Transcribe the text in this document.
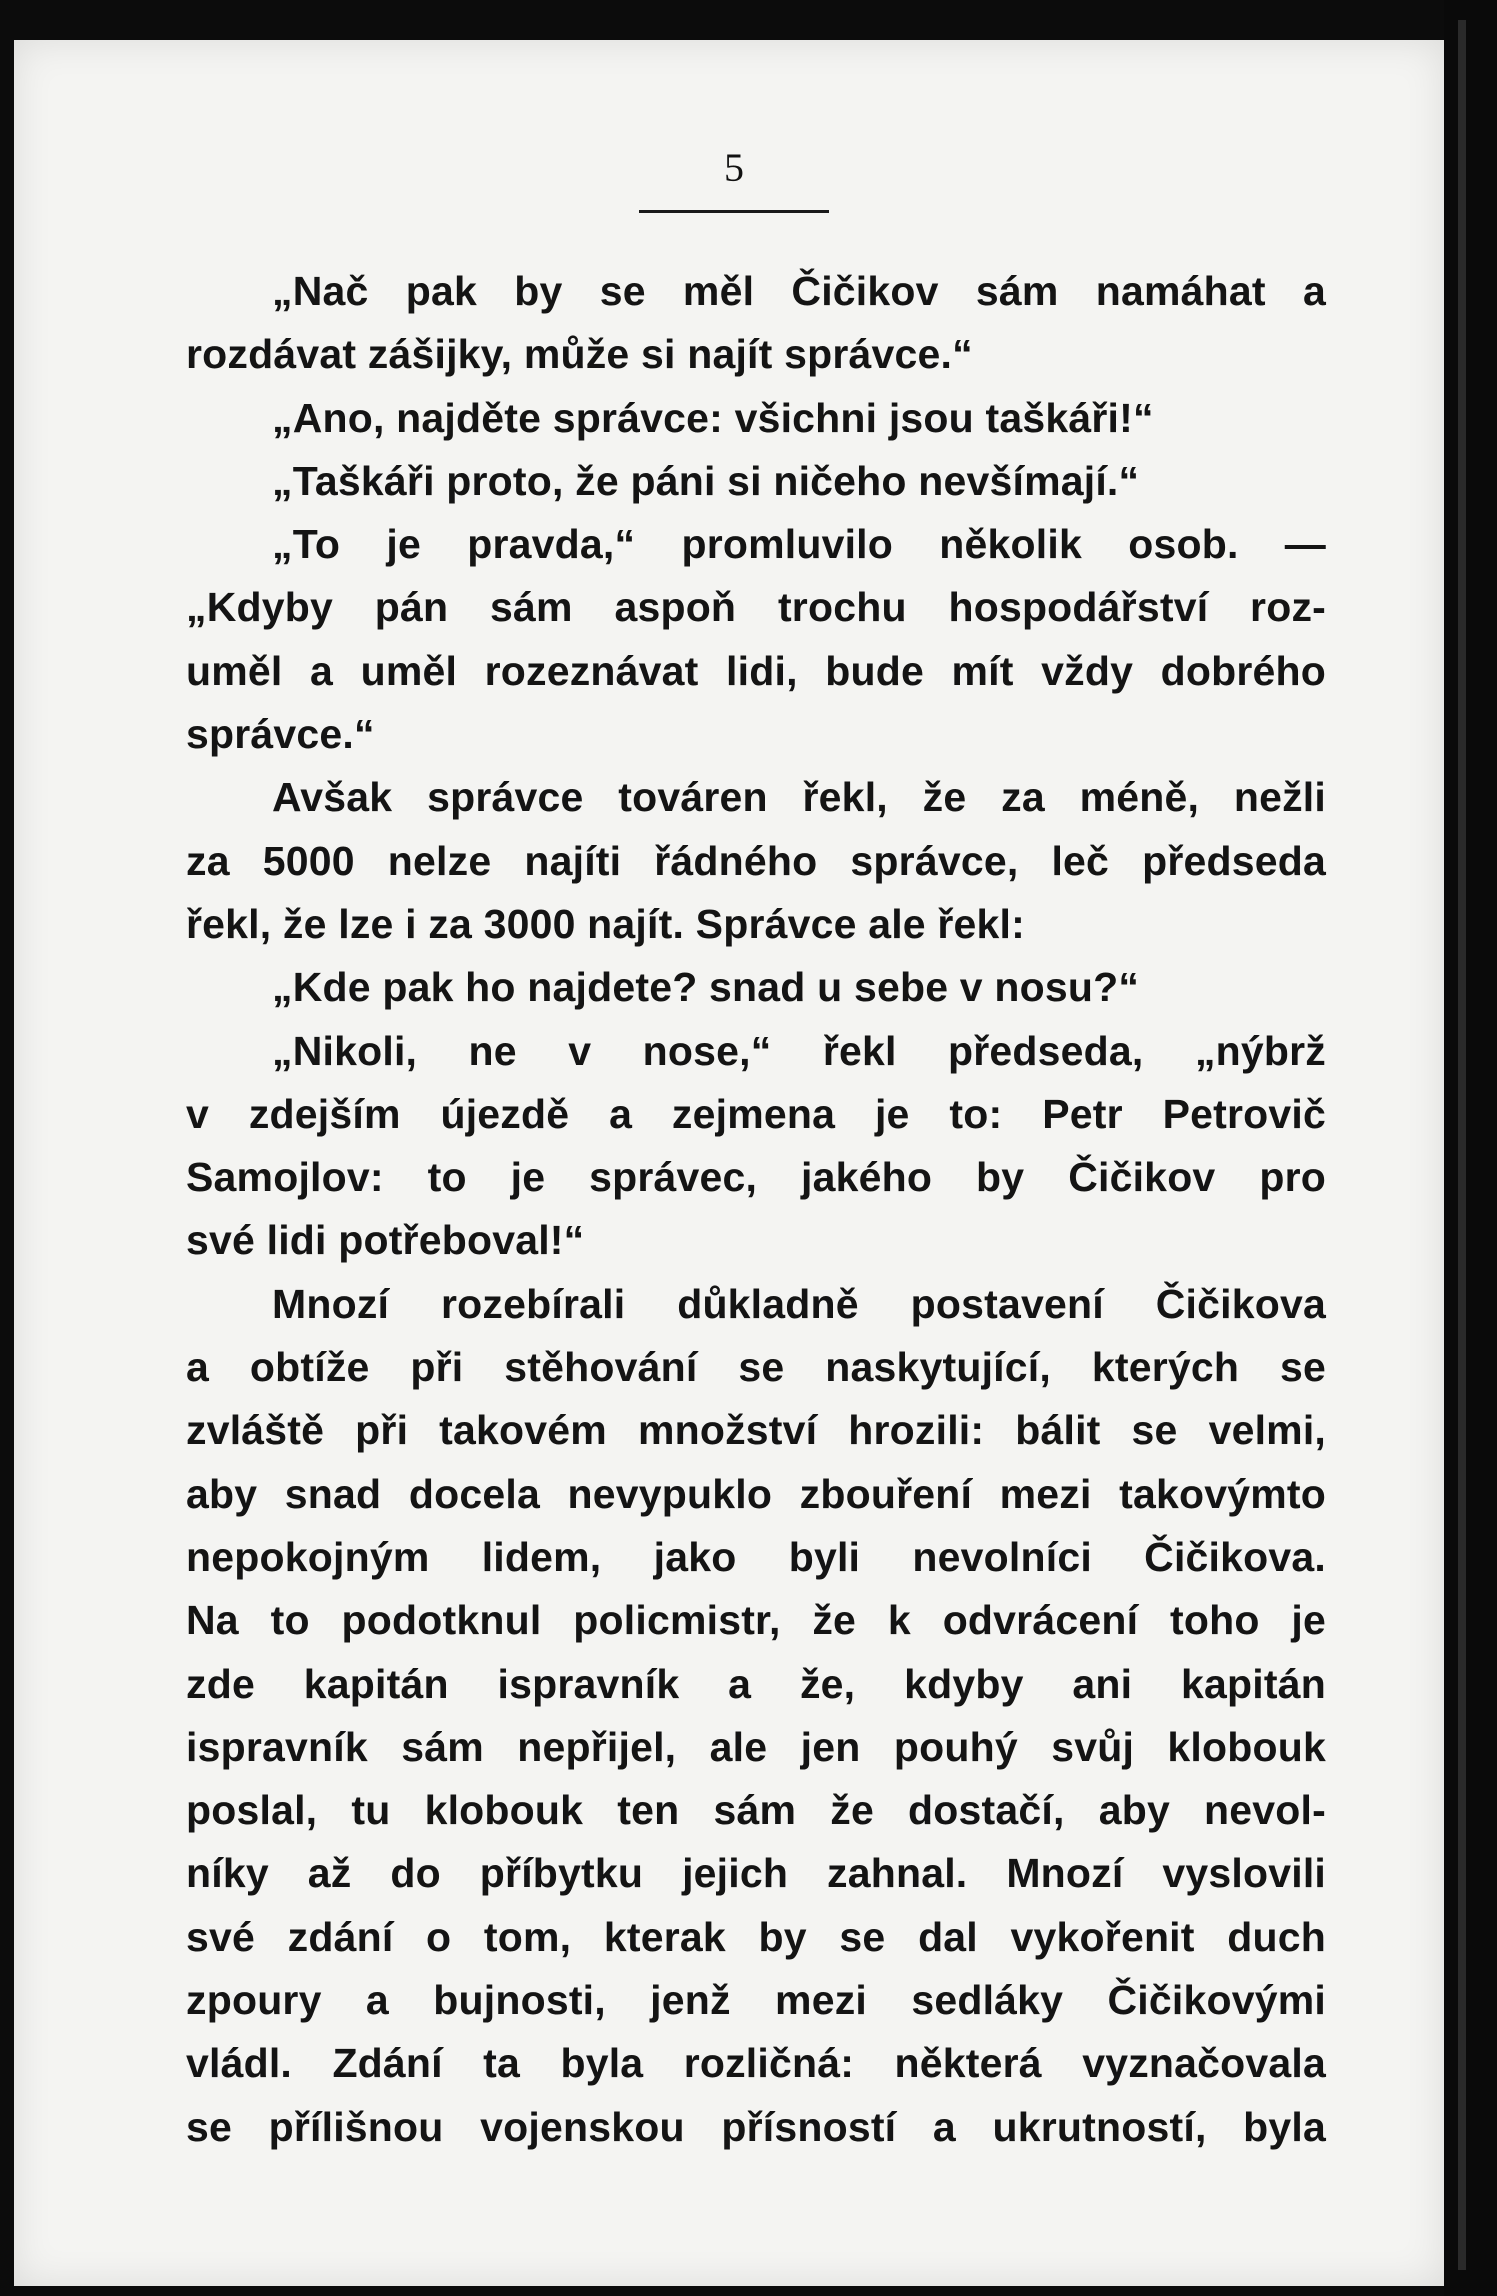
5
„Nač pak by se měl Čičikov sám namáhat a
rozdávat zášijky, může si najít správce.“
„Ano, najděte správce: všichni jsou taškáři!“
„Taškáři proto, že páni si ničeho nevšímají.“
„To je pravda,“ promluvilo několik osob. —
„Kdyby pán sám aspoň trochu hospodářství roz-
uměl a uměl rozeznávat lidi, bude mít vždy dobrého
správce.“
Avšak správce továren řekl, že za méně, nežli
za 5000 nelze najíti řádného správce, leč předseda
řekl, že lze i za 3000 najít. Správce ale řekl:
„Kde pak ho najdete? snad u sebe v nosu?“
„Nikoli, ne v nose,“ řekl předseda, „nýbrž
v zdejším újezdě a zejmena je to: Petr Petrovič
Samojlov: to je správec, jakého by Čičikov pro
své lidi potřeboval!“
Mnozí rozebírali důkladně postavení Čičikova
a obtíže při stěhování se naskytující, kterých se
zvláště při takovém množství hrozili: bálit se velmi,
aby snad docela nevypuklo zbouření mezi takovýmto
nepokojným lidem, jako byli nevolníci Čičikova.
Na to podotknul policmistr, že k odvrácení toho je
zde kapitán ispravník a že, kdyby ani kapitán
ispravník sám nepřijel, ale jen pouhý svůj klobouk
poslal, tu klobouk ten sám že dostačí, aby nevol-
níky až do příbytku jejich zahnal. Mnozí vyslovili
své zdání o tom, kterak by se dal vykořenit duch
zpoury a bujnosti, jenž mezi sedláky Čičikovými
vládl. Zdání ta byla rozličná: některá vyznačovala
se přílišnou vojenskou přísností a ukrutností, byla
